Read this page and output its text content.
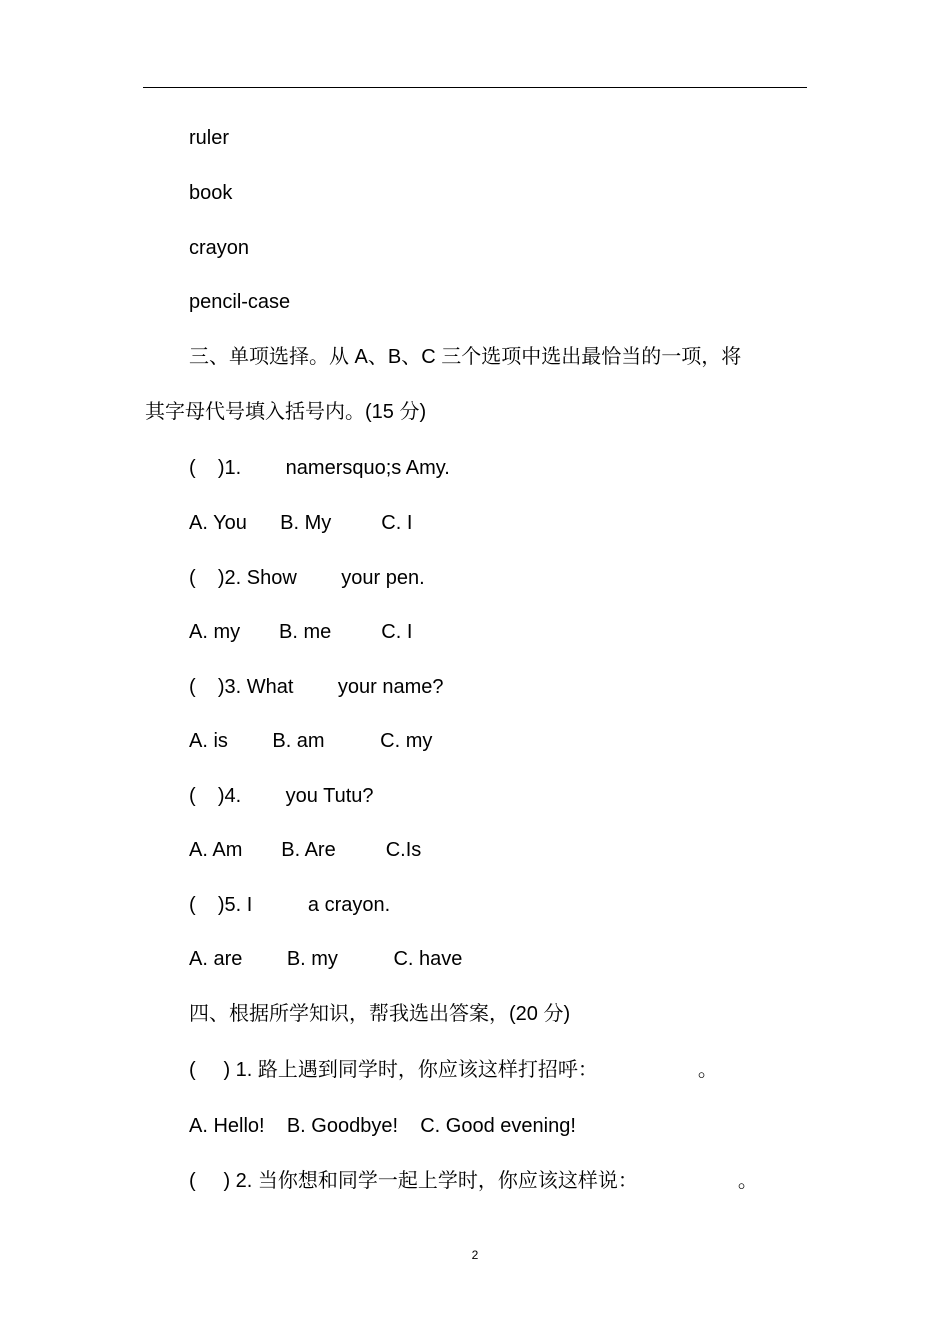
ruler
book
crayon
pencil-case
三、单项选择。从 A、B、C 三个选项中选出最恰当的一项，将
其字母代号填入括号内。(15 分)
(    )1.        namersquo;s Amy.
A. You      B. My         C. I
(    )2. Show        your pen.
A. my       B. me         C. I
(    )3. What        your name?
A. is        B. am          C. my
(    )4.        you Tutu?
A. Am       B. Are         C.Is
(    )5. I          a crayon.
A. are        B. my          C. have
四、根据所学知识，帮我选出答案，(20 分)
(     ) 1. 路上遇到同学时，你应该这样打招呼：                  。
A. Hello!    B. Goodbye!    C. Good evening!
(     ) 2. 当你想和同学一起上学时，你应该这样说：                  。
2
